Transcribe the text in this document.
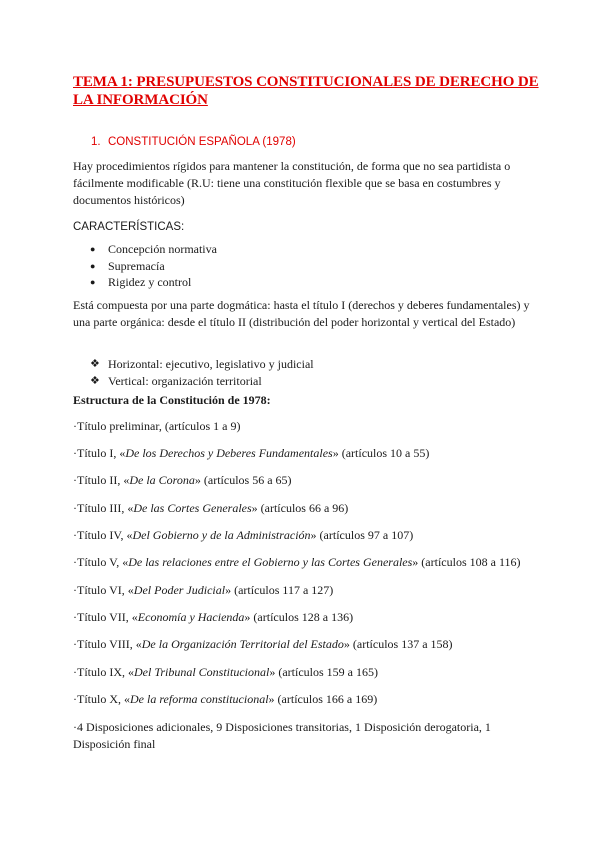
TEMA 1: PRESUPUESTOS CONSTITUCIONALES DE DERECHO DE LA INFORMACIÓN
1. CONSTITUCIÓN ESPAÑOLA (1978)

Hay procedimientos rígidos para mantener la constitución, de forma que no sea partidista o fácilmente modificable (R.U: tiene una constitución flexible que se basa en costumbres y documentos históricos)

CARACTERÍSTICAS:
● Concepción normativa
● Supremacía
● Rigidez y control

Está compuesta por una parte dogmática: hasta el título I (derechos y deberes fundamentales) y una parte orgánica: desde el título II (distribución del poder horizontal y vertical del Estado)

❖ Horizontal: ejecutivo, legislativo y judicial
❖ Vertical: organización territorial
Estructura de la Constitución de 1978:
·Título preliminar, (artículos 1 a 9)
·Título I, «De los Derechos y Deberes Fundamentales» (artículos 10 a 55)
·Título II, «De la Corona» (artículos 56 a 65)
·Título III, «De las Cortes Generales» (artículos 66 a 96)
·Título IV, «Del Gobierno y de la Administración» (artículos 97 a 107)
·Título V, «De las relaciones entre el Gobierno y las Cortes Generales» (artículos 108 a 116)
·Título VI, «Del Poder Judicial» (artículos 117 a 127)
·Título VII, «Economía y Hacienda» (artículos 128 a 136)
·Título VIII, «De la Organización Territorial del Estado» (artículos 137 a 158)
·Título IX, «Del Tribunal Constitucional» (artículos 159 a 165)
·Título X, «De la reforma constitucional» (artículos 166 a 169)
·4 Disposiciones adicionales, 9 Disposiciones transitorias, 1 Disposición derogatoria, 1 Disposición final
